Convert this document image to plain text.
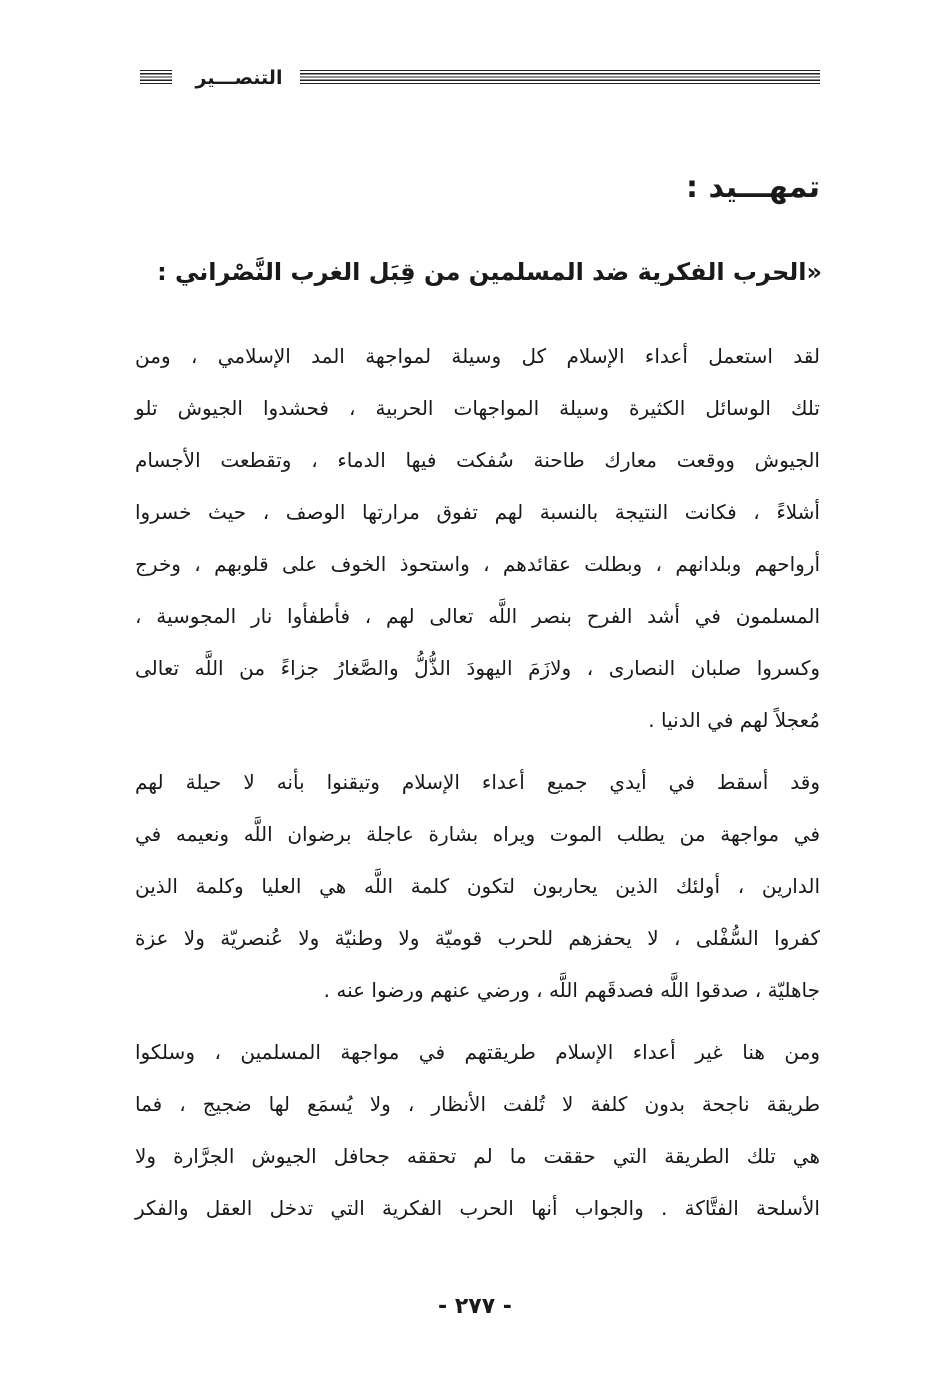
التنصـــير
تمهـــيد :
«الحرب الفكرية ضد المسلمين من قِبَل الغرب النَّصْراني :
لقد استعمل أعداء الإسلام كل وسيلة لمواجهة المد الإسلامي ، ومن
تلك الوسائل الكثيرة وسيلة المواجهات الحربية ، فحشدوا الجيوش تلو
الجيوش ووقعت معارك طاحنة سُفكت فيها الدماء ، وتقطعت الأجسام
أشلاءً ، فكانت النتيجة بالنسبة لهم تفوق مرارتها الوصف ، حيث خسروا
أرواحهم وبلدانهم ، وبطلت عقائدهم ، واستحوذ الخوف على قلوبهم ، وخرج
المسلمون في أشد الفرح بنصر اللَّه تعالى لهم ، فأطفأوا نار المجوسية ،
وكسروا صلبان النصارى ، ولازَمَ اليهودَ الذُّلُّ والصَّغارُ جزاءً من اللَّه تعالى
مُعجلاً لهم في الدنيا .
وقد أسقط في أيدي جميع أعداء الإسلام وتيقنوا بأنه لا حيلة لهم
في مواجهة من يطلب الموت ويراه بشارة عاجلة برضوان اللَّه ونعيمه في
الدارين ، أولئك الذين يحاربون لتكون كلمة اللَّه هي العليا وكلمة الذين
كفروا السُّفْلى ، لا يحفزهم للحرب قوميّة ولا وطنيّة ولا عُنصريّة ولا عزة
جاهليّة ، صدقوا اللَّه فصدقَهم اللَّه ، ورضي عنهم ورضوا عنه .
ومن هنا غير أعداء الإسلام طريقتهم في مواجهة المسلمين ، وسلكوا
طريقة ناجحة بدون كلفة لا تُلفت الأنظار ، ولا يُسمَع لها ضجيج ، فما
هي تلك الطريقة التي حققت ما لم تحققه جحافل الجيوش الجرَّارة ولا
الأسلحة الفتَّاكة . والجواب أنها الحرب الفكرية التي تدخل العقل والفكر
- ٢٧٧ -
